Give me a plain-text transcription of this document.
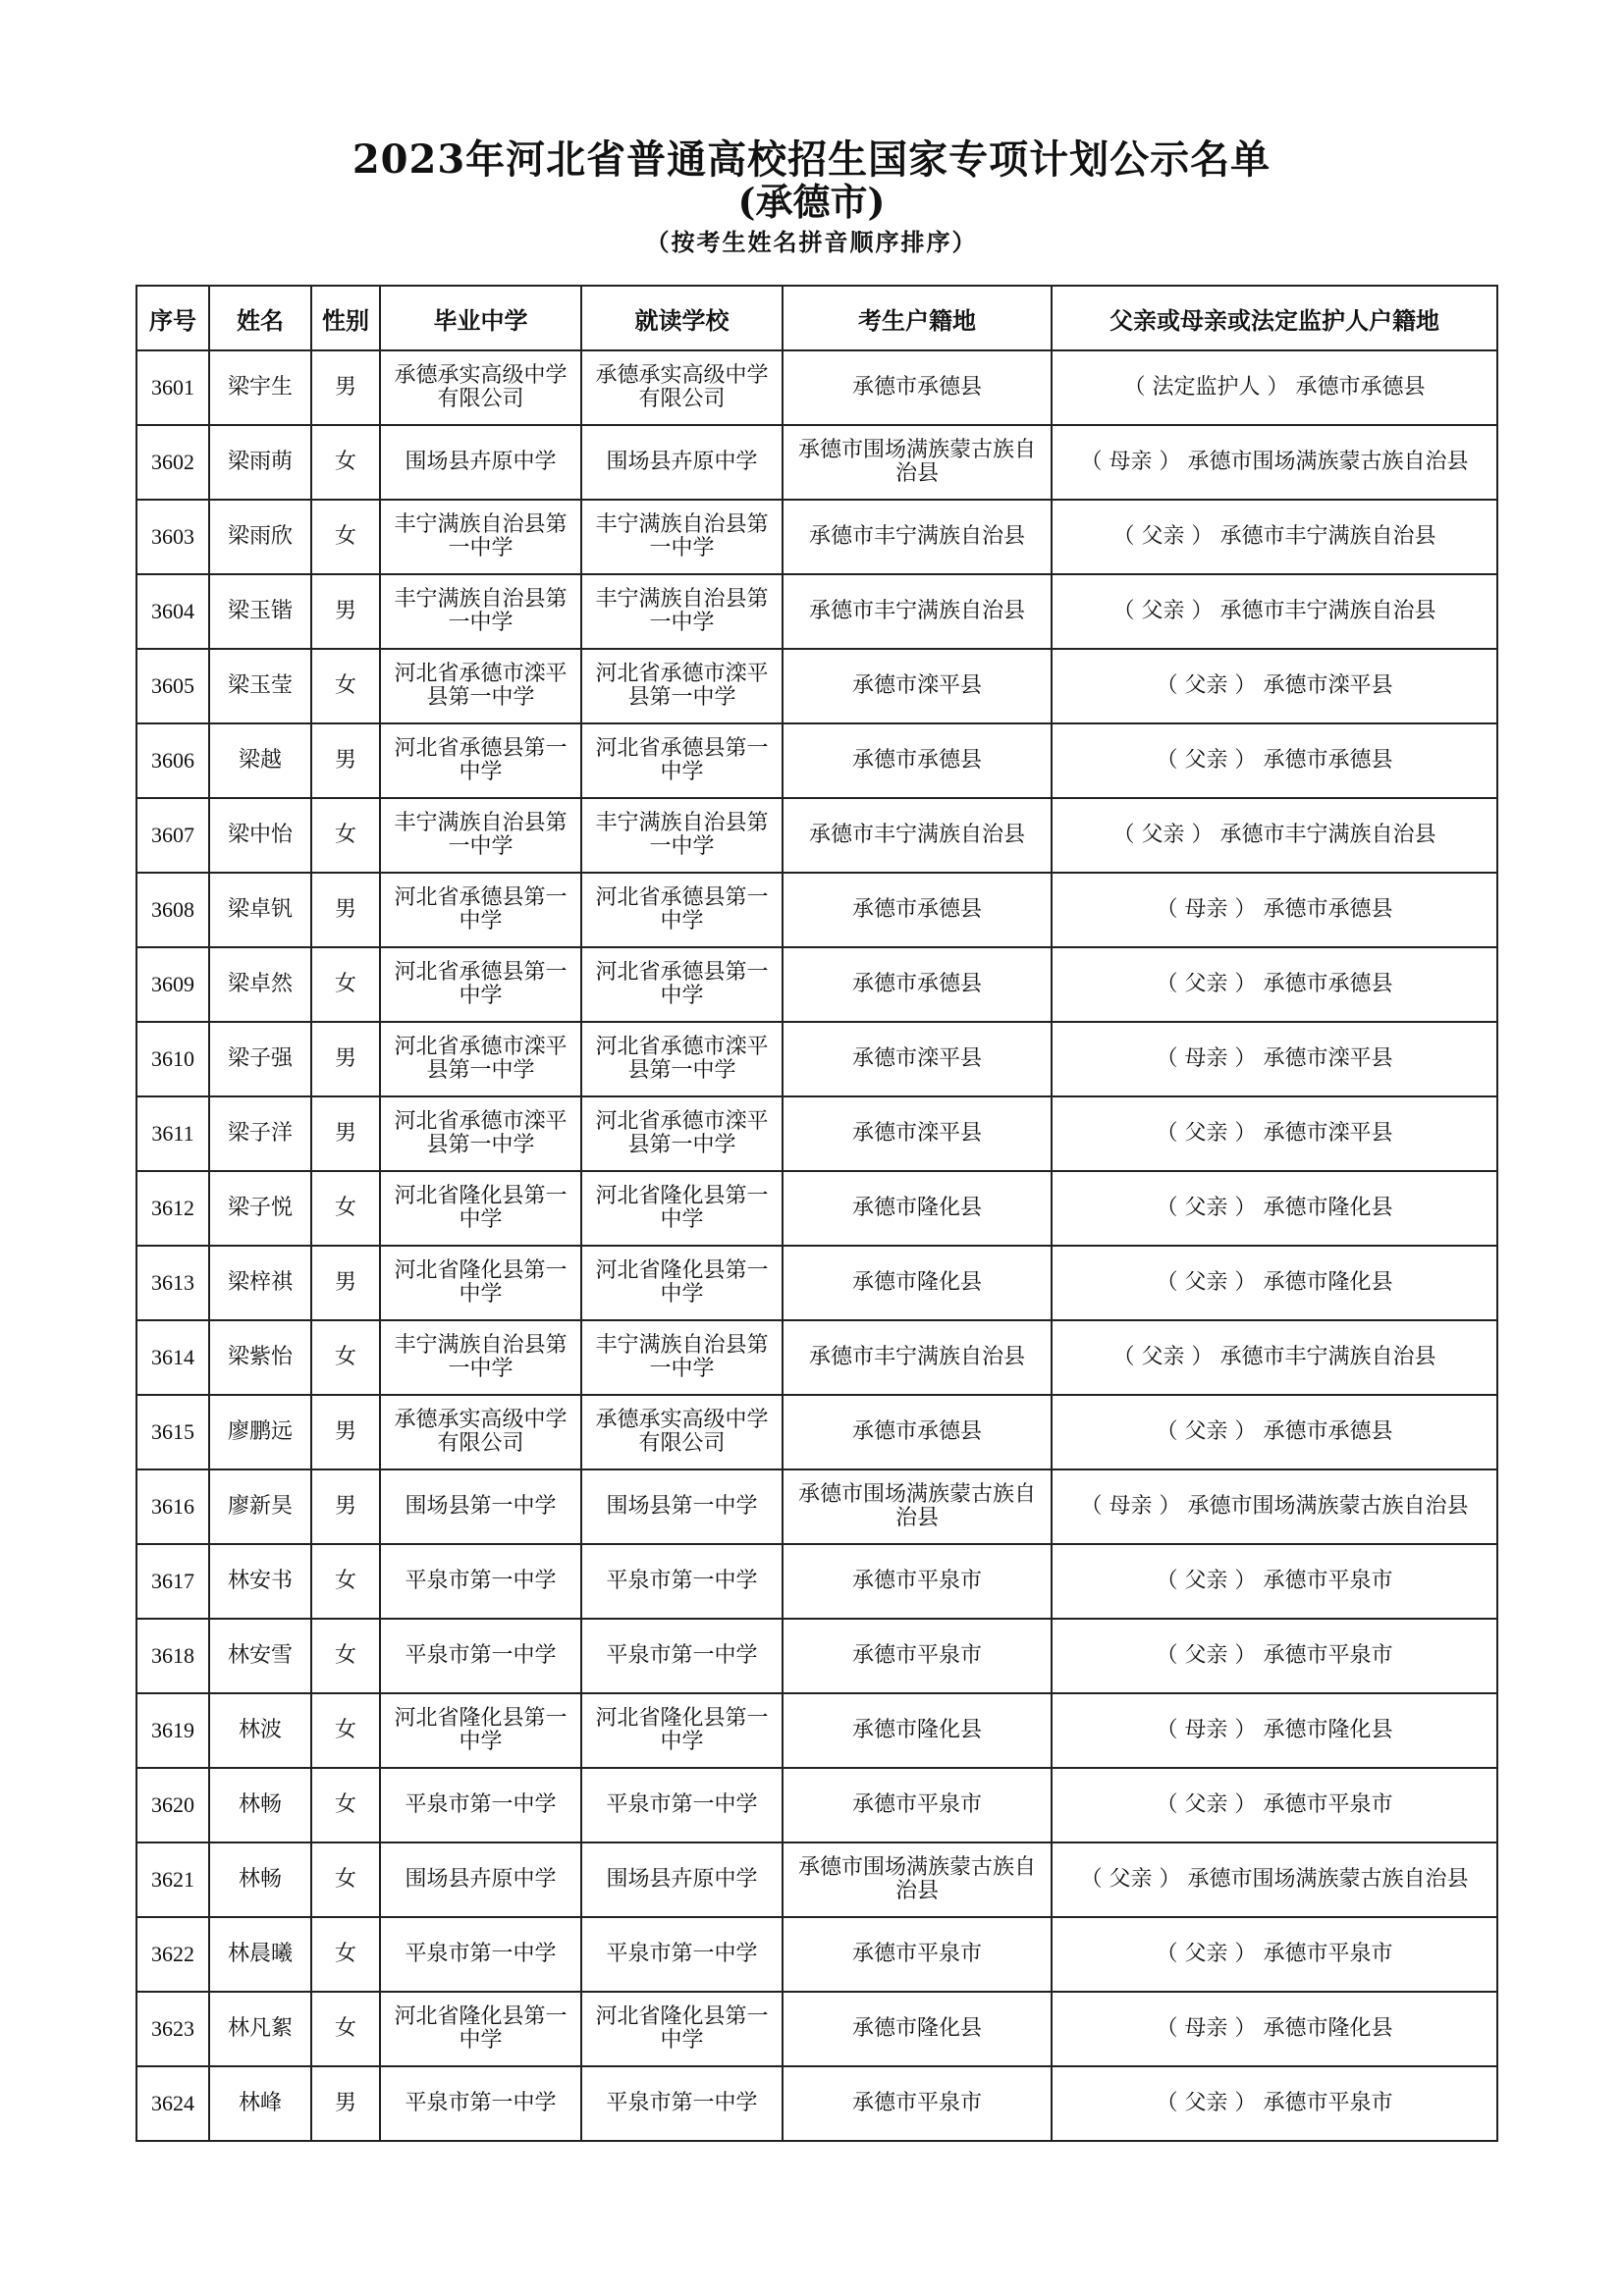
2023年河北省普通高校招生国家专项计划公示名单
(承德市)
（按考生姓名拼音顺序排序）
序号	姓名	性别	毕业中学	就读学校	考生户籍地	父亲或母亲或法定监护人户籍地
3601	梁宇生	男	承德承实高级中学有限公司	承德承实高级中学有限公司	承德市承德县	（ 法定监护人 ） 承德市承德县
3602	梁雨萌	女	围场县卉原中学	围场县卉原中学	承德市围场满族蒙古族自治县	（ 母亲 ） 承德市围场满族蒙古族自治县
3603	梁雨欣	女	丰宁满族自治县第一中学	丰宁满族自治县第一中学	承德市丰宁满族自治县	（ 父亲 ） 承德市丰宁满族自治县
3604	梁玉锴	男	丰宁满族自治县第一中学	丰宁满族自治县第一中学	承德市丰宁满族自治县	（ 父亲 ） 承德市丰宁满族自治县
3605	梁玉莹	女	河北省承德市滦平县第一中学	河北省承德市滦平县第一中学	承德市滦平县	（ 父亲 ） 承德市滦平县
3606	梁越	男	河北省承德县第一中学	河北省承德县第一中学	承德市承德县	（ 父亲 ） 承德市承德县
3607	梁中怡	女	丰宁满族自治县第一中学	丰宁满族自治县第一中学	承德市丰宁满族自治县	（ 父亲 ） 承德市丰宁满族自治县
3608	梁卓钒	男	河北省承德县第一中学	河北省承德县第一中学	承德市承德县	（ 母亲 ） 承德市承德县
3609	梁卓然	女	河北省承德县第一中学	河北省承德县第一中学	承德市承德县	（ 父亲 ） 承德市承德县
3610	梁子强	男	河北省承德市滦平县第一中学	河北省承德市滦平县第一中学	承德市滦平县	（ 母亲 ） 承德市滦平县
3611	梁子洋	男	河北省承德市滦平县第一中学	河北省承德市滦平县第一中学	承德市滦平县	（ 父亲 ） 承德市滦平县
3612	梁子悦	女	河北省隆化县第一中学	河北省隆化县第一中学	承德市隆化县	（ 父亲 ） 承德市隆化县
3613	梁梓祺	男	河北省隆化县第一中学	河北省隆化县第一中学	承德市隆化县	（ 父亲 ） 承德市隆化县
3614	梁紫怡	女	丰宁满族自治县第一中学	丰宁满族自治县第一中学	承德市丰宁满族自治县	（ 父亲 ） 承德市丰宁满族自治县
3615	廖鹏远	男	承德承实高级中学有限公司	承德承实高级中学有限公司	承德市承德县	（ 父亲 ） 承德市承德县
3616	廖新昊	男	围场县第一中学	围场县第一中学	承德市围场满族蒙古族自治县	（ 母亲 ） 承德市围场满族蒙古族自治县
3617	林安书	女	平泉市第一中学	平泉市第一中学	承德市平泉市	（ 父亲 ） 承德市平泉市
3618	林安雪	女	平泉市第一中学	平泉市第一中学	承德市平泉市	（ 父亲 ） 承德市平泉市
3619	林波	女	河北省隆化县第一中学	河北省隆化县第一中学	承德市隆化县	（ 母亲 ） 承德市隆化县
3620	林畅	女	平泉市第一中学	平泉市第一中学	承德市平泉市	（ 父亲 ） 承德市平泉市
3621	林畅	女	围场县卉原中学	围场县卉原中学	承德市围场满族蒙古族自治县	（ 父亲 ） 承德市围场满族蒙古族自治县
3622	林晨曦	女	平泉市第一中学	平泉市第一中学	承德市平泉市	（ 父亲 ） 承德市平泉市
3623	林凡絮	女	河北省隆化县第一中学	河北省隆化县第一中学	承德市隆化县	（ 母亲 ） 承德市隆化县
3624	林峰	男	平泉市第一中学	平泉市第一中学	承德市平泉市	（ 父亲 ） 承德市平泉市
